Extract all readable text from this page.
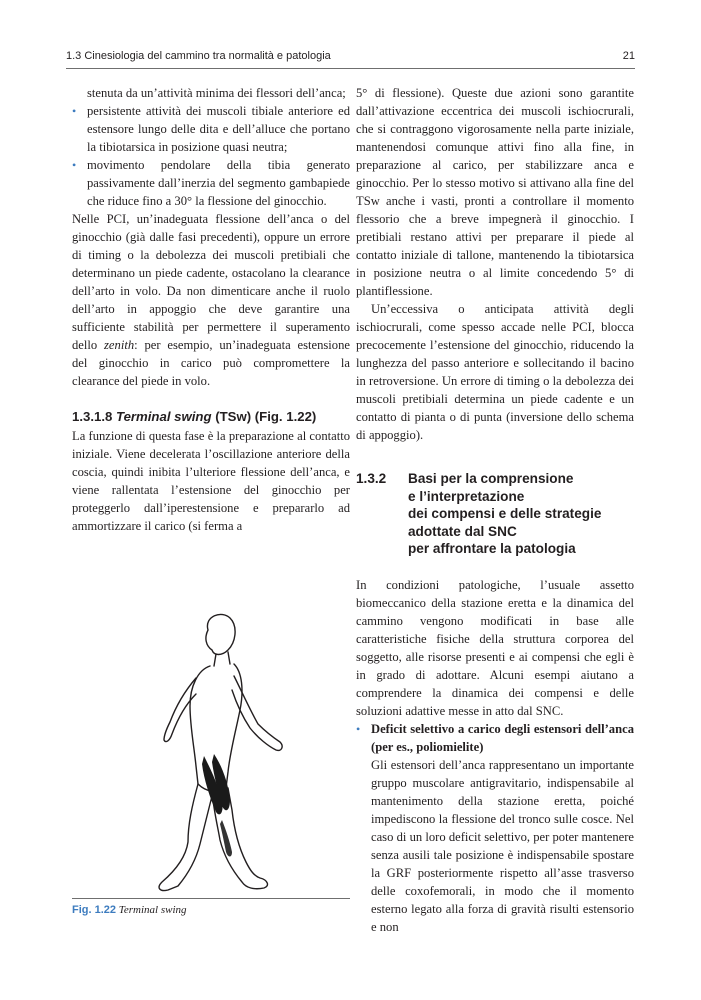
1.3 Cinesiologia del cammino tra normalità e patologia	21

stenuta da un’attività minima dei flessori dell’anca;

• persistente attività dei muscoli tibiale anteriore ed estensore lungo delle dita e dell’alluce che portano la tibiotarsica in posizione quasi neutra;
• movimento pendolare della tibia generato passivamente dall’inerzia del segmento gambapiede che riduce fino a 30° la flessione del ginocchio.

Nelle PCI, un’inadeguata flessione dell’anca o del ginocchio (già dalle fasi precedenti), oppure un errore di timing o la debolezza dei muscoli pretibiali che determinano un piede cadente, ostacolano la clearance dell’arto in volo. Da non dimenticare anche il ruolo dell’arto in appoggio che deve garantire una sufficiente stabilità per permettere il superamento dello zenith: per esempio, un’inadeguata estensione del ginocchio in carico può compromettere la clearance del piede in volo.

1.3.1.8 Terminal swing (TSw) (Fig. 1.22)

La funzione di questa fase è la preparazione al contatto iniziale. Viene decelerata l’oscillazione anteriore della coscia, quindi inibita l’ulteriore flessione dell’anca, e viene rallentata l’estensione del ginocchio per proteggerlo dall’iperestensione e prepararlo ad ammortizzare il carico (si ferma a

Fig. 1.22 Terminal swing

5° di flessione). Queste due azioni sono garantite dall’attivazione eccentrica dei muscoli ischiocrurali, che si contraggono vigorosamente nella parte iniziale, mantenendosi comunque attivi fino alla fine, in preparazione al carico, per stabilizzare anca e ginocchio. Per lo stesso motivo si attivano alla fine del TSw anche i vasti, pronti a controllare il momento flessorio che a breve impegnerà il ginocchio. I pretibiali restano attivi per preparare il piede al contatto iniziale di tallone, mantenendo la tibiotarsica in posizione neutra o al limite concedendo 5° di plantiflessione.

Un’eccessiva o anticipata attività degli ischiocrurali, come spesso accade nelle PCI, blocca precocemente l’estensione del ginocchio, riducendo la lunghezza del passo anteriore e sollecitando il bacino in retroversione. Un errore di timing o la debolezza dei muscoli pretibiali determina un piede cadente e un contatto di pianta o di punta (inversione dello schema di appoggio).

1.3.2 Basi per la comprensione
e l’interpretazione
dei compensi e delle strategie
adottate dal SNC
per affrontare la patologia

In condizioni patologiche, l’usuale assetto biomeccanico della stazione eretta e la dinamica del cammino vengono modificati in base alle caratteristiche fisiche della struttura corporea del soggetto, alle risorse presenti e ai compensi che egli è in grado di adottare. Alcuni esempi aiutano a comprendere la dinamica dei compensi e delle soluzioni adattive messe in atto dal SNC.

• Deficit selettivo a carico degli estensori dell’anca (per es., poliomielite)
Gli estensori dell’anca rappresentano un importante gruppo muscolare antigravitario, indispensabile al mantenimento della stazione eretta, poiché impediscono la flessione del tronco sulle cosce. Nel caso di un loro deficit selettivo, per poter mantenere senza ausili tale posizione è indispensabile spostare la GRF posteriormente rispetto all’asse trasverso delle coxofemorali, in modo che il momento esterno legato alla forza di gravità risulti estensorio e non
